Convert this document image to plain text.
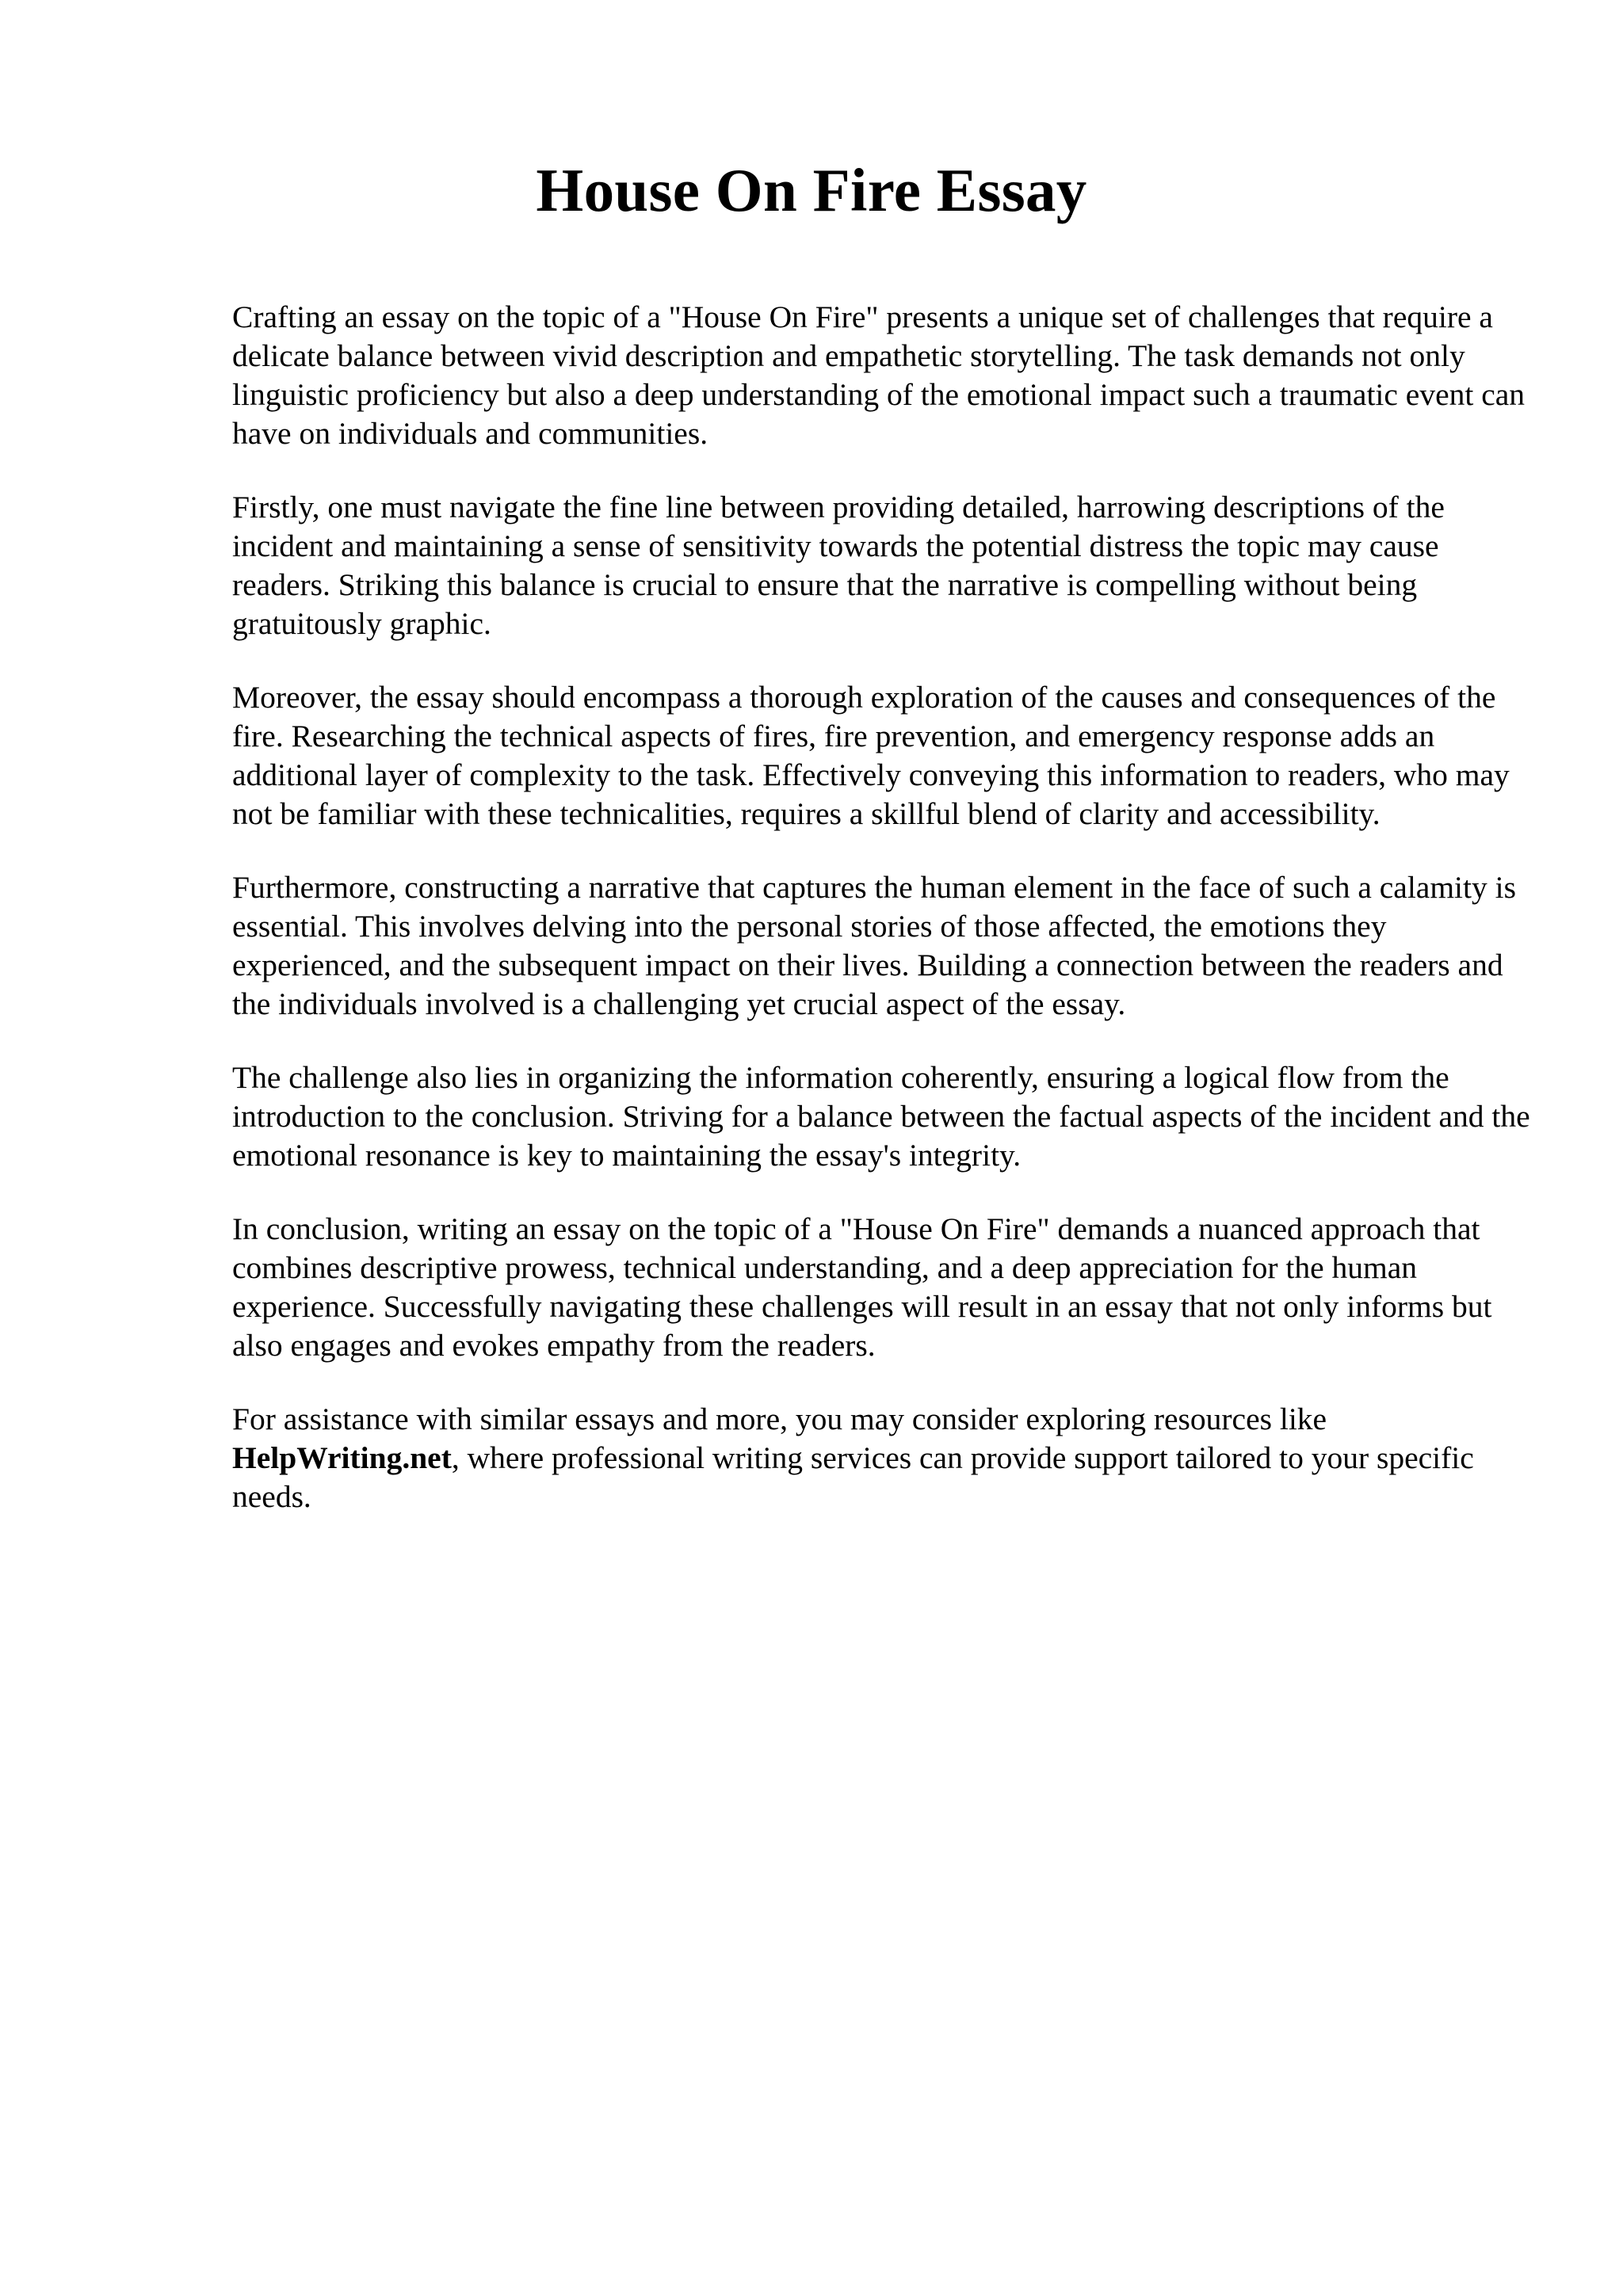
House On Fire Essay

Crafting an essay on the topic of a "House On Fire" presents a unique set of challenges that require a delicate balance between vivid description and empathetic storytelling. The task demands not only linguistic proficiency but also a deep understanding of the emotional impact such a traumatic event can have on individuals and communities.

Firstly, one must navigate the fine line between providing detailed, harrowing descriptions of the incident and maintaining a sense of sensitivity towards the potential distress the topic may cause readers. Striking this balance is crucial to ensure that the narrative is compelling without being gratuitously graphic.

Moreover, the essay should encompass a thorough exploration of the causes and consequences of the fire. Researching the technical aspects of fires, fire prevention, and emergency response adds an additional layer of complexity to the task. Effectively conveying this information to readers, who may not be familiar with these technicalities, requires a skillful blend of clarity and accessibility.

Furthermore, constructing a narrative that captures the human element in the face of such a calamity is essential. This involves delving into the personal stories of those affected, the emotions they experienced, and the subsequent impact on their lives. Building a connection between the readers and the individuals involved is a challenging yet crucial aspect of the essay.

The challenge also lies in organizing the information coherently, ensuring a logical flow from the introduction to the conclusion. Striving for a balance between the factual aspects of the incident and the emotional resonance is key to maintaining the essay's integrity.

In conclusion, writing an essay on the topic of a "House On Fire" demands a nuanced approach that combines descriptive prowess, technical understanding, and a deep appreciation for the human experience. Successfully navigating these challenges will result in an essay that not only informs but also engages and evokes empathy from the readers.

For assistance with similar essays and more, you may consider exploring resources like HelpWriting.net, where professional writing services can provide support tailored to your specific needs.
